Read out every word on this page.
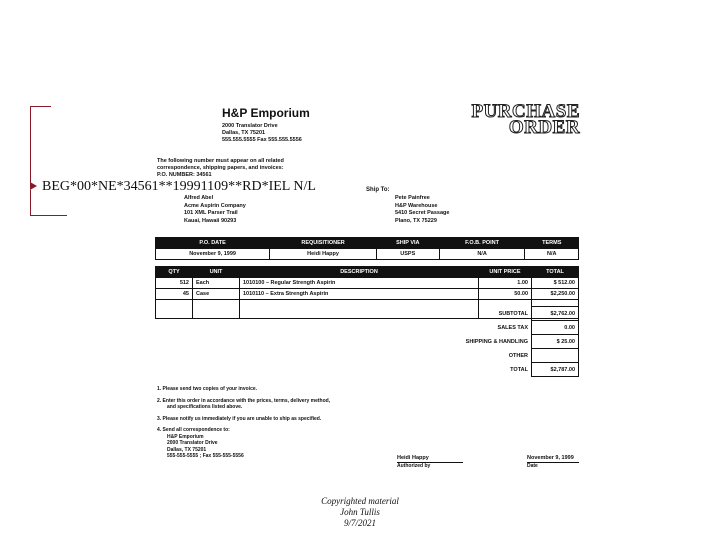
H&P Emporium
2000 Translator Drive
Dallas, TX 75201
555.555.5555 Fax 555.555.5556
PURCHASE
ORDER
The following number must appear on all related
correspondence, shipping papers, and invoices:
P.O. NUMBER: 34561
BEG*00*NE*34561**19991109**RD*IEL N/L	Ship To:
Alfred Abel
Acme Aspirin Company
101 XML Parser Trail
Kauai, Hawaii 90293
Pete Painfree
H&P Warehouse
5410 Secret Passage
Plano, TX 75229
P.O. DATE	REQUISITIONER	SHIP VIA	F.O.B. POINT	TERMS
November 9, 1999	Heidi Happy	USPS	N/A	N/A
QTY	UNIT	DESCRIPTION	UNIT PRICE	TOTAL
512	Each	1010100 – Regular Strength Aspirin	1.00	$ 512.00
45	Case	1010110 – Extra Strength Aspirin	50.00	$2,250.00

SUBTOTAL	$2,762.00
SALES TAX	0.00
SHIPPING & HANDLING	$ 25.00
OTHER	
TOTAL	$2,787.00
1. Please send two copies of your invoice.
2. Enter this order in accordance with the prices, terms, delivery method,
and specifications listed above.
3. Please notify us immediately if you are unable to ship as specified.
4. Send all correspondence to:
H&P Emporium
2000 Translator Drive
Dallas, TX 75201
555-555-5555 ; Fax 555-555-5556	Heidi Happy
Authorized by
November 9, 1999
Date
Copyrighted material
John Tullis
9/7/2021
